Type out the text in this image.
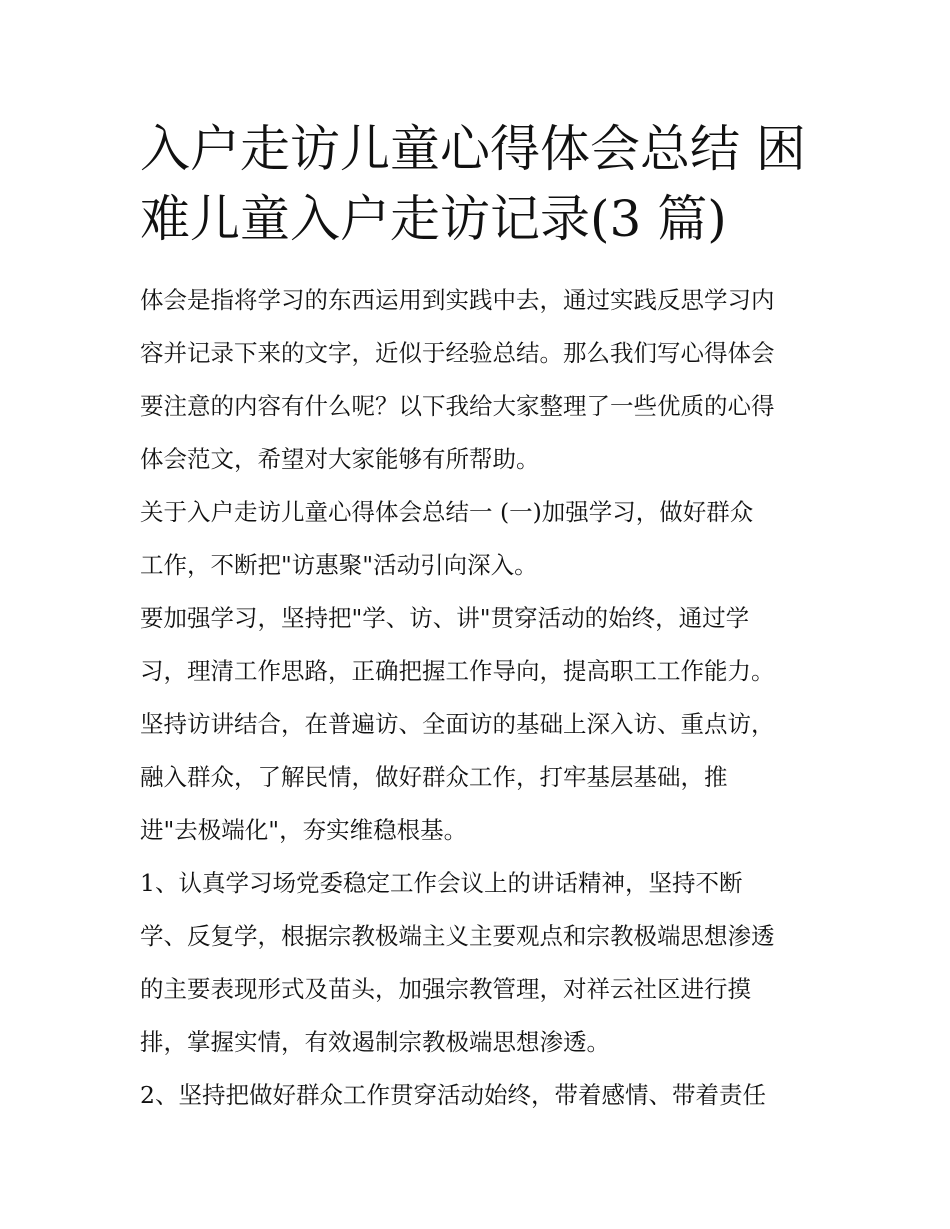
入户走访儿童心得体会总结 困
难儿童入户走访记录(3 篇)
体会是指将学习的东西运用到实践中去，通过实践反思学习内
容并记录下来的文字，近似于经验总结。那么我们写心得体会
要注意的内容有什么呢？以下我给大家整理了一些优质的心得
体会范文，希望对大家能够有所帮助。
关于入户走访儿童心得体会总结一 (一)加强学习，做好群众
工作，不断把"访惠聚"活动引向深入。
要加强学习，坚持把"学、访、讲"贯穿活动的始终，通过学
习，理清工作思路，正确把握工作导向，提高职工工作能力。
坚持访讲结合，在普遍访、全面访的基础上深入访、重点访，
融入群众，了解民情，做好群众工作，打牢基层基础，推
进"去极端化"，夯实维稳根基。
1、认真学习场党委稳定工作会议上的讲话精神，坚持不断
学、反复学，根据宗教极端主义主要观点和宗教极端思想渗透
的主要表现形式及苗头，加强宗教管理，对祥云社区进行摸
排，掌握实情，有效遏制宗教极端思想渗透。
2、坚持把做好群众工作贯穿活动始终，带着感情、带着责任
